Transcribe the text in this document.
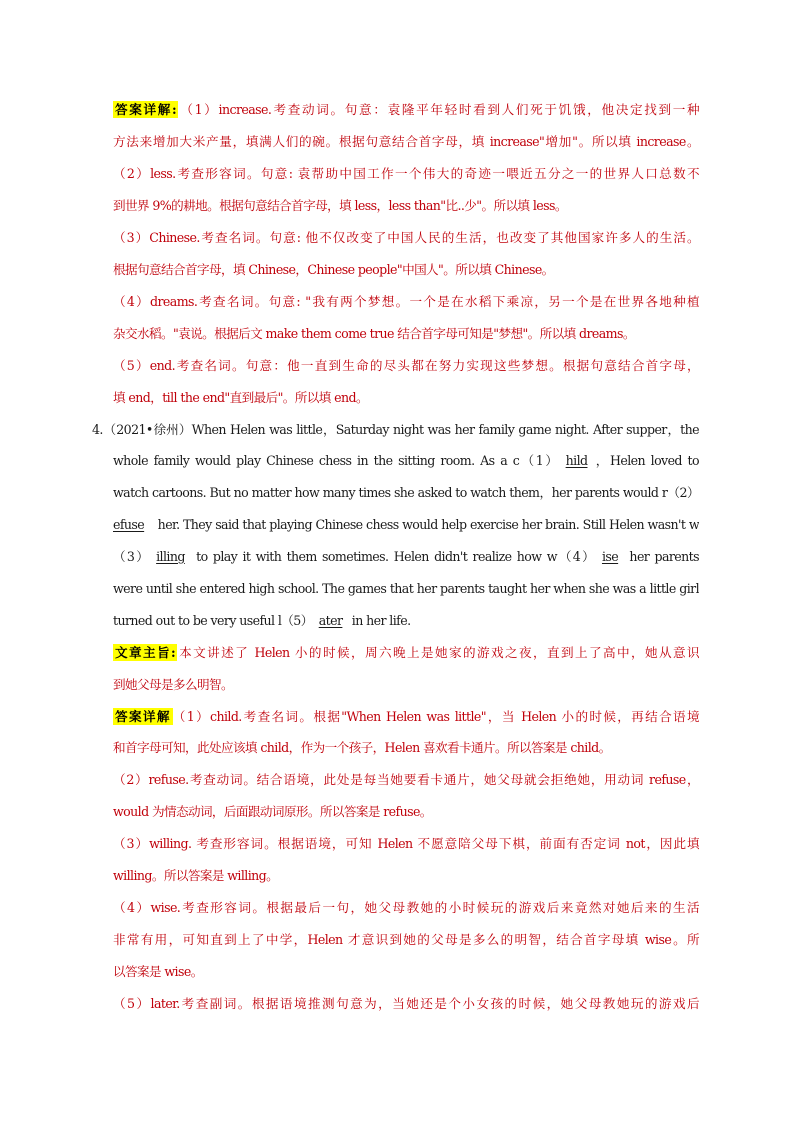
答案详解: （1）increase.考查动词。句意：袁隆平年轻时看到人们死于饥饿，他决定找到一种
方法来增加大米产量，填满人们的碗。根据句意结合首字母，填 increase"增加"。所以填 increase。
（2）less.考查形容词。句意: 袁帮助中国工作一个伟大的奇迹一喂近五分之一的世界人口总数不
到世界 9%的耕地。根据句意结合首字母，填 less，less than"比..少"。所以填 less。
（3）Chinese.考查名词。句意: 他不仅改变了中国人民的生活，也改变了其他国家许多人的生活。
根据句意结合首字母，填 Chinese，Chinese people"中国人"。所以填 Chinese。
（4）dreams.考查名词。句意: "我有两个梦想。一个是在水稻下乘凉，另一个是在世界各地种植
杂交水稻。"袁说。根据后文 make them come true 结合首字母可知是"梦想"。所以填 dreams。
（5）end.考查名词。句意：他一直到生命的尽头都在努力实现这些梦想。根据句意结合首字母，
填 end，till the end"直到最后"。所以填 end。
4.（2021•徐州）When Helen was little，Saturday night was her family game night. After supper，the
whole family would play Chinese chess in the sitting room. As a c（1） hild ，Helen loved to
watch cartoons. But no matter how many times she asked to watch them，her parents would r（2）
efuse her. They said that playing Chinese chess would help exercise her brain. Still Helen wasn't w
（3） illing to play it with them sometimes. Helen didn't realize how w（4） ise her parents
were until she entered high school. The games that her parents taught her when she was a little girl
turned out to be very useful l（5） ater in her life.
文章主旨: 本文讲述了 Helen 小的时候，周六晚上是她家的游戏之夜，直到上了高中，她从意识
到她父母是多么明智。
答案详解 （1）child.考查名词。根据"When Helen was little"，当 Helen 小的时候，再结合语境
和首字母可知，此处应该填 child，作为一个孩子，Helen 喜欢看卡通片。所以答案是 child。
（2）refuse.考查动词。结合语境，此处是每当她要看卡通片，她父母就会拒绝她，用动词 refuse，
would 为情态动词，后面跟动词原形。所以答案是 refuse。
（3）willing. 考查形容词。根据语境，可知 Helen 不愿意陪父母下棋，前面有否定词 not，因此填
willing。所以答案是 willing。
（4）wise.考查形容词。根据最后一句，她父母教她的小时候玩的游戏后来竟然对她后来的生活
非常有用，可知直到上了中学，Helen 才意识到她的父母是多么的明智，结合首字母填 wise。所
以答案是 wise。
（5）later.考查副词。根据语境推测句意为，当她还是个小女孩的时候，她父母教她玩的游戏后
